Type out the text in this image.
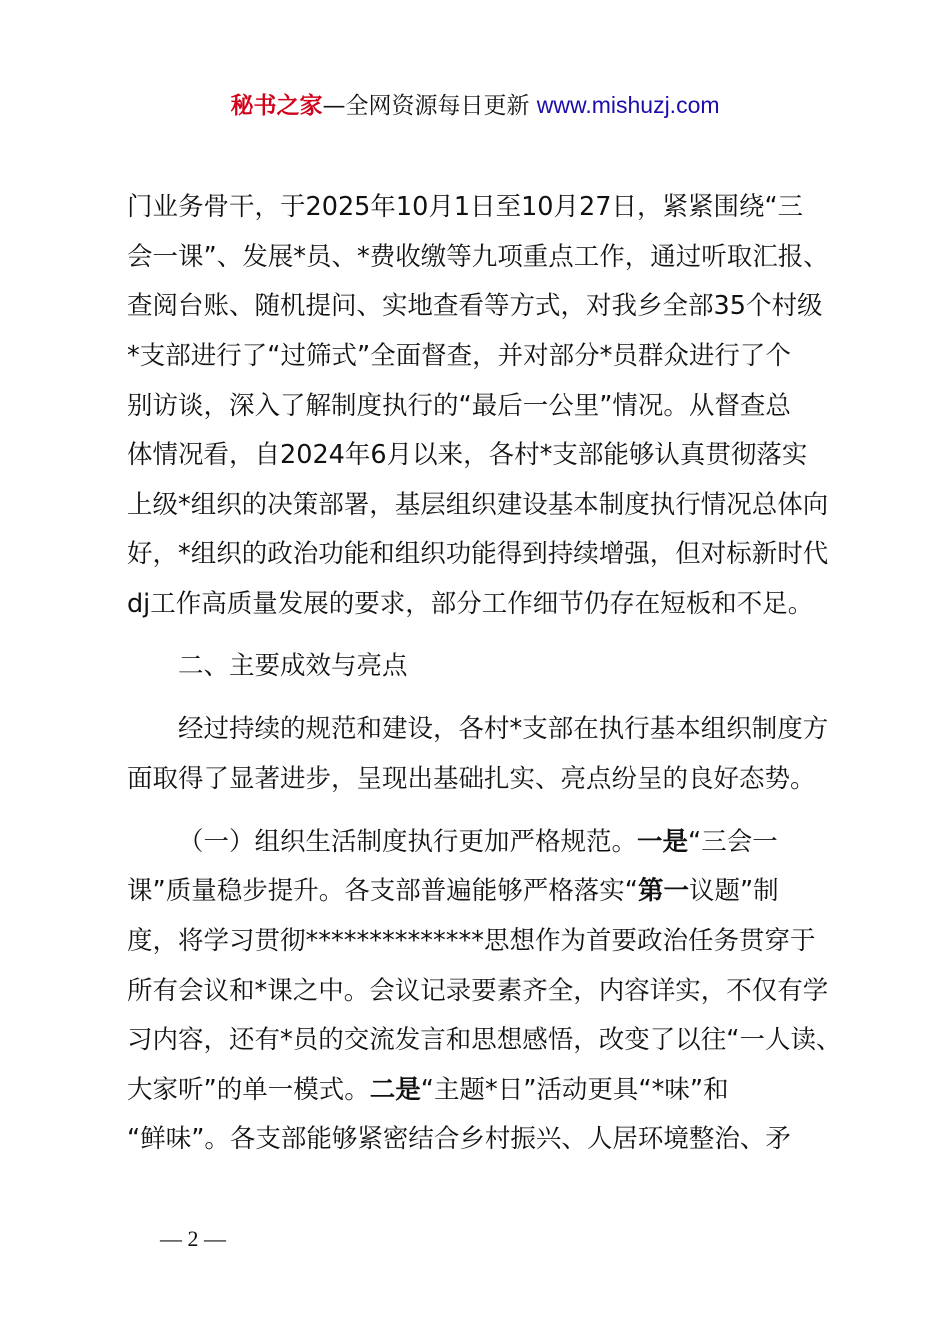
秘书之家—全网资源每日更新 www.mishuzj.com
门业务骨干，于2025年10月1日至10月27日，紧紧围绕“三
会一课”、发展*员、*费收缴等九项重点工作，通过听取汇报、
查阅台账、随机提问、实地查看等方式，对我乡全部35个村级
*支部进行了“过筛式”全面督查，并对部分*员群众进行了个
别访谈，深入了解制度执行的“最后一公里”情况。从督查总
体情况看，自2024年6月以来，各村*支部能够认真贯彻落实
上级*组织的决策部署，基层组织建设基本制度执行情况总体向
好，*组织的政治功能和组织功能得到持续增强，但对标新时代
dj工作高质量发展的要求，部分工作细节仍存在短板和不足。
二、主要成效与亮点
经过持续的规范和建设，各村*支部在执行基本组织制度方
面取得了显著进步，呈现出基础扎实、亮点纷呈的良好态势。
（一）组织生活制度执行更加严格规范。一是“三会一
课”质量稳步提升。各支部普遍能够严格落实“第一议题”制
度，将学习贯彻**************思想作为首要政治任务贯穿于
所有会议和*课之中。会议记录要素齐全，内容详实，不仅有学
习内容，还有*员的交流发言和思想感悟，改变了以往“一人读、
大家听”的单一模式。二是“主题*日”活动更具“*味”和
“鲜味”。各支部能够紧密结合乡村振兴、人居环境整治、矛
— 2 —
